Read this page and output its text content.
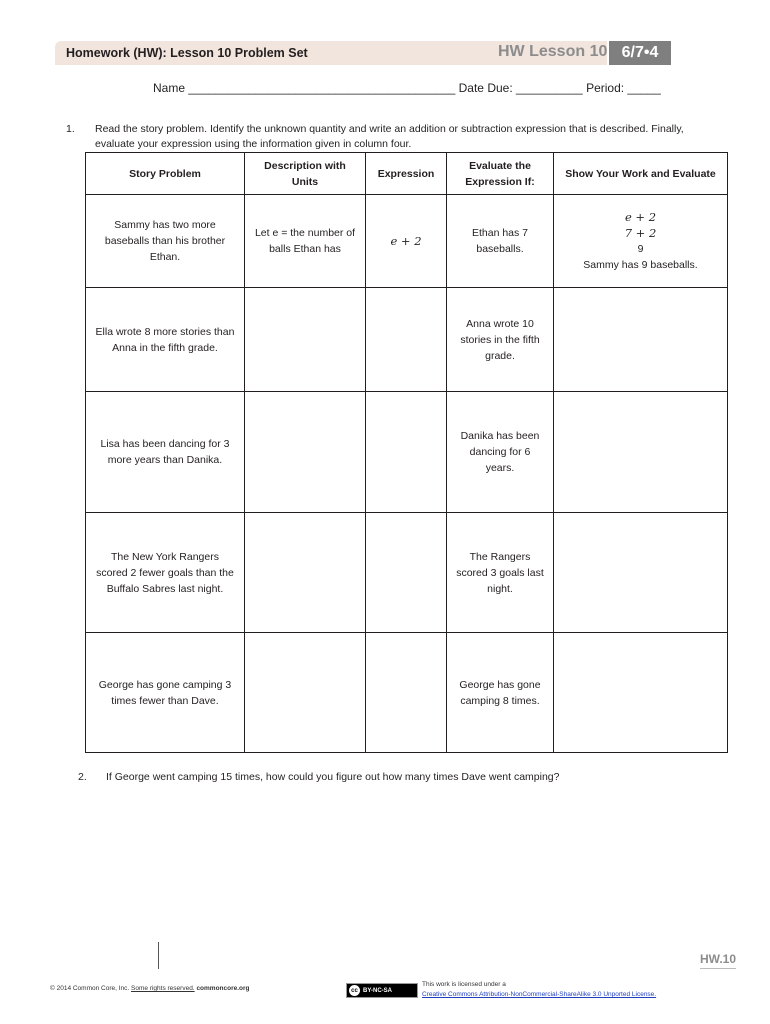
Homework (HW): Lesson 10 Problem Set	HW Lesson 10 6/7•4
Name ________________________________________ Date Due: __________ Period: _____
1. Read the story problem. Identify the unknown quantity and write an addition or subtraction expression that is described. Finally, evaluate your expression using the information given in column four.
Story Problem	Description with Units	Expression	Evaluate the Expression If:	Show Your Work and Evaluate
Sammy has two more baseballs than his brother Ethan.	Let e = the number of balls Ethan has	e + 2	Ethan has 7 baseballs.	e + 2
7 + 2
9
Sammy has 9 baseballs.

Ella wrote 8 more stories than Anna in the fifth grade.			Anna wrote 10 stories in the fifth grade.	
Lisa has been dancing for 3 more years than Danika.			Danika has been dancing for 6 years.	
The New York Rangers scored 2 fewer goals than the Buffalo Sabres last night.			The Rangers scored 3 goals last night.	
George has gone camping 3 times fewer than Dave.			George has gone camping 8 times.	
2. If George went camping 15 times, how could you figure out how many times Dave went camping?
HW.10
© 2014 Common Core, Inc. Some rights reserved. commoncore.org	cc BY-NC-SA
This work is licensed under a
Creative Commons Attribution-NonCommercial-ShareAlike 3.0 Unported License.
